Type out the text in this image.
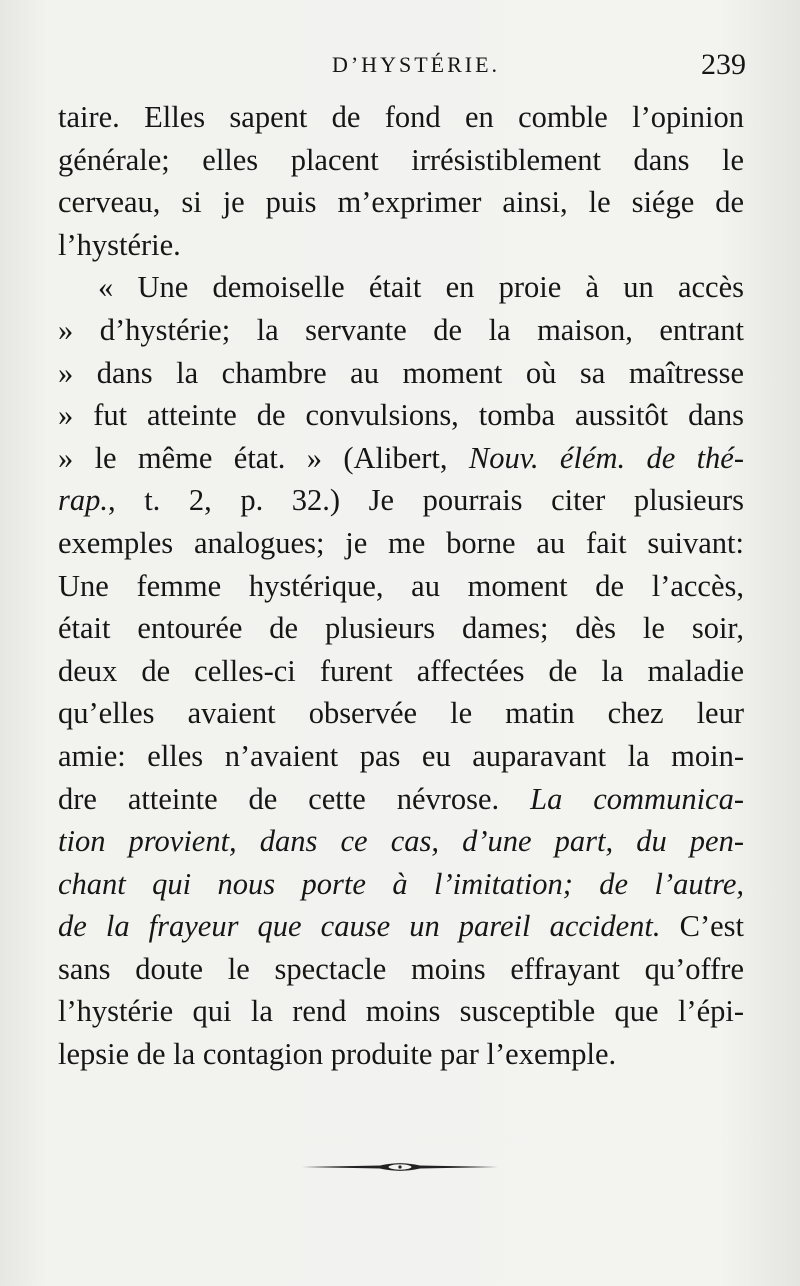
D’HYSTÉRIE.	239
taire. Elles sapent de fond en comble l’opinion
générale; elles placent irrésistiblement dans le
cerveau, si je puis m’exprimer ainsi, le siége de
l’hystérie.
« Une demoiselle était en proie à un accès
» d’hystérie; la servante de la maison, entrant
» dans la chambre au moment où sa maîtresse
» fut atteinte de convulsions, tomba aussitôt dans
» le même état. » (Alibert, Nouv. élém. de thé-
rap., t. 2, p. 32.) Je pourrais citer plusieurs
exemples analogues; je me borne au fait suivant:
Une femme hystérique, au moment de l’accès,
était entourée de plusieurs dames; dès le soir,
deux de celles-ci furent affectées de la maladie
qu’elles avaient observée le matin chez leur
amie: elles n’avaient pas eu auparavant la moin-
dre atteinte de cette névrose. La communica-
tion provient, dans ce cas, d’une part, du pen-
chant qui nous porte à l’imitation; de l’autre,
de la frayeur que cause un pareil accident. C’est
sans doute le spectacle moins effrayant qu’offre
l’hystérie qui la rend moins susceptible que l’épi-
lepsie de la contagion produite par l’exemple.
